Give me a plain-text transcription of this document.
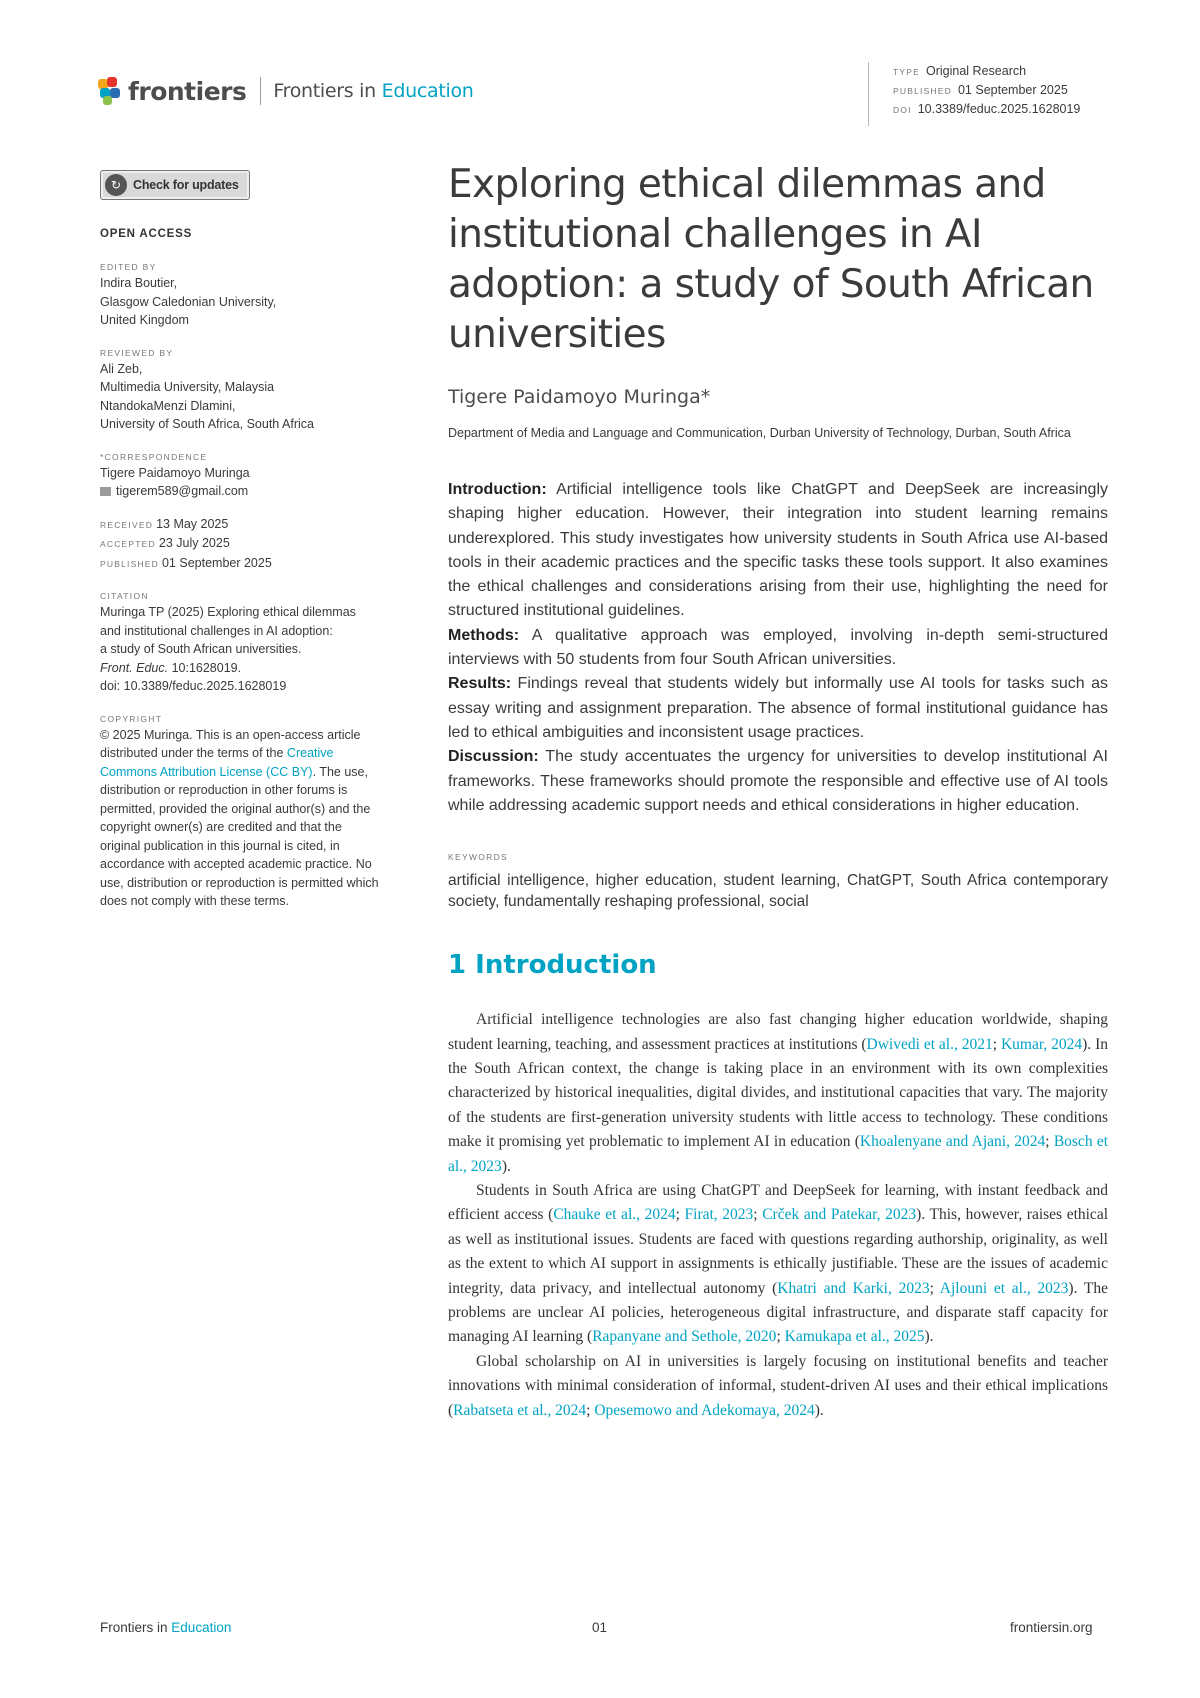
frontiers Frontiers in Education
TYPE Original Research
PUBLISHED 01 September 2025
DOI 10.3389/feduc.2025.1628019
↻ Check for updates
OPEN ACCESS
EDITED BY
Indira Boutier,
Glasgow Caledonian University,
United Kingdom
REVIEWED BY
Ali Zeb,
Multimedia University, Malaysia
NtandokaMenzi Dlamini,
University of South Africa, South Africa
*CORRESPONDENCE
Tigere Paidamoyo Muringa
tigerem589@gmail.com
RECEIVED 13 May 2025
ACCEPTED 23 July 2025
PUBLISHED 01 September 2025
CITATION
Muringa TP (2025) Exploring ethical dilemmas
and institutional challenges in AI adoption:
a study of South African universities.
Front. Educ. 10:1628019.
doi: 10.3389/feduc.2025.1628019
COPYRIGHT
© 2025 Muringa. This is an open-access article distributed under the terms of the Creative Commons Attribution License (CC BY). The use, distribution or reproduction in other forums is permitted, provided the original author(s) and the copyright owner(s) are credited and that the original publication in this journal is cited, in accordance with accepted academic practice. No use, distribution or reproduction is permitted which does not comply with these terms.
Exploring ethical dilemmas and institutional challenges in AI adoption: a study of South African universities
Tigere Paidamoyo Muringa*
Department of Media and Language and Communication, Durban University of Technology, Durban, South Africa

Introduction: Artificial intelligence tools like ChatGPT and DeepSeek are increasingly shaping higher education. However, their integration into student learning remains underexplored. This study investigates how university students in South Africa use AI-based tools in their academic practices and the specific tasks these tools support. It also examines the ethical challenges and considerations arising from their use, highlighting the need for structured institutional guidelines.

Methods: A qualitative approach was employed, involving in-depth semi-structured interviews with 50 students from four South African universities.

Results: Findings reveal that students widely but informally use AI tools for tasks such as essay writing and assignment preparation. The absence of formal institutional guidance has led to ethical ambiguities and inconsistent usage practices.

Discussion: The study accentuates the urgency for universities to develop institutional AI frameworks. These frameworks should promote the responsible and effective use of AI tools while addressing academic support needs and ethical considerations in higher education.

KEYWORDS
artificial intelligence, higher education, student learning, ChatGPT, South Africa contemporary society, fundamentally reshaping professional, social
1 Introduction

Artificial intelligence technologies are also fast changing higher education worldwide, shaping student learning, teaching, and assessment practices at institutions (Dwivedi et al., 2021; Kumar, 2024). In the South African context, the change is taking place in an environment with its own complexities characterized by historical inequalities, digital divides, and institutional capacities that vary. The majority of the students are first-generation university students with little access to technology. These conditions make it promising yet problematic to implement AI in education (Khoalenyane and Ajani, 2024; Bosch et al., 2023).

Students in South Africa are using ChatGPT and DeepSeek for learning, with instant feedback and efficient access (Chauke et al., 2024; Firat, 2023; Crček and Patekar, 2023). This, however, raises ethical as well as institutional issues. Students are faced with questions regarding authorship, originality, as well as the extent to which AI support in assignments is ethically justifiable. These are the issues of academic integrity, data privacy, and intellectual autonomy (Khatri and Karki, 2023; Ajlouni et al., 2023). The problems are unclear AI policies, heterogeneous digital infrastructure, and disparate staff capacity for managing AI learning (Rapanyane and Sethole, 2020; Kamukapa et al., 2025).

Global scholarship on AI in universities is largely focusing on institutional benefits and teacher innovations with minimal consideration of informal, student-driven AI uses and their ethical implications (Rabatseta et al., 2024; Opesemowo and Adekomaya, 2024).

Frontiers in Education	01	frontiersin.org
